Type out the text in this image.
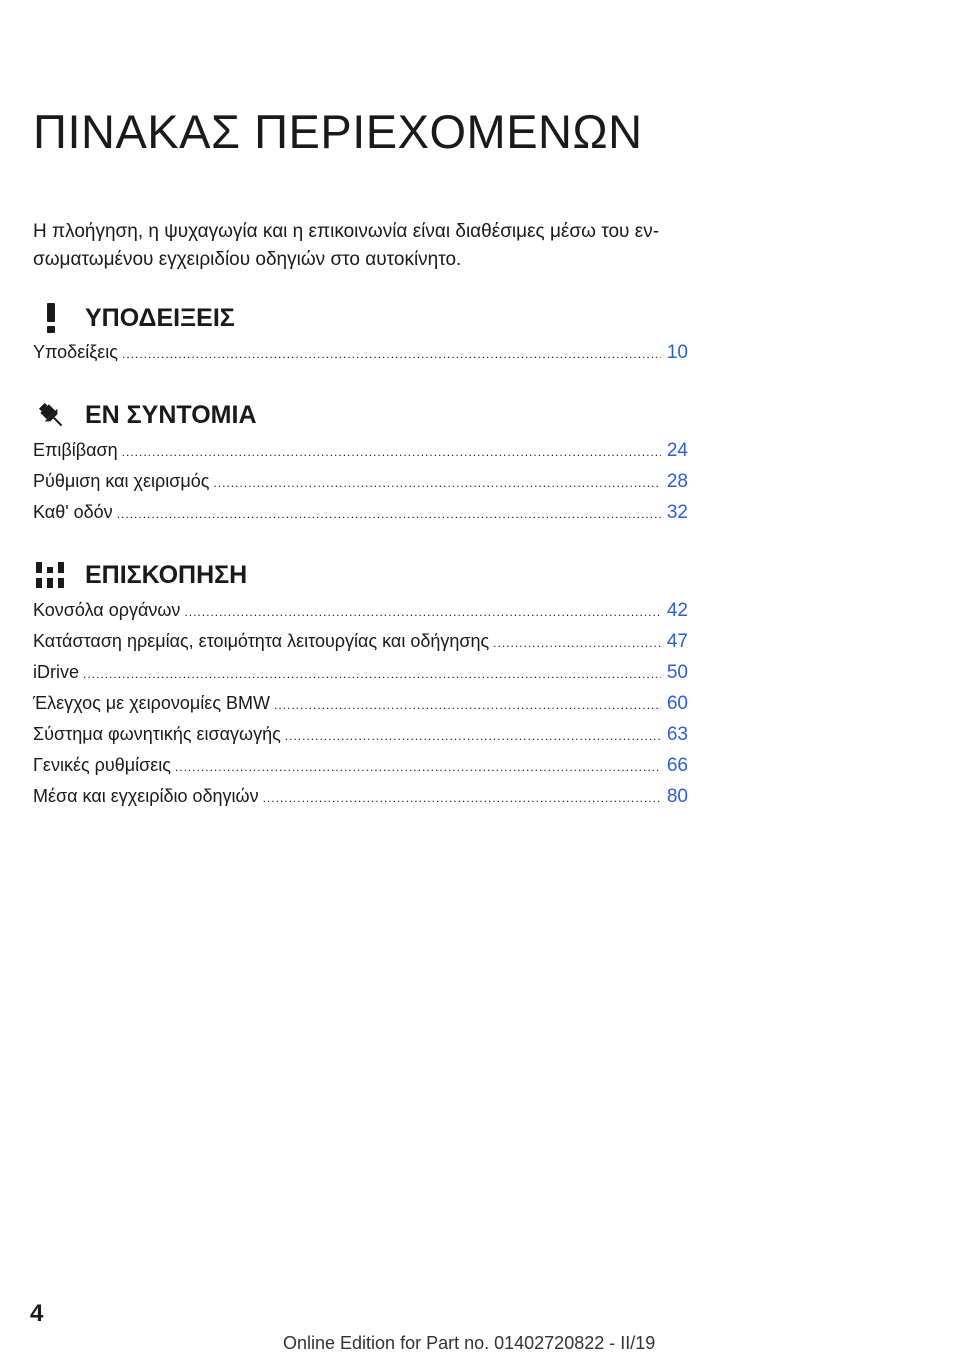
ΠΙΝΑΚΑΣ ΠΕΡΙΕΧΟΜΕΝΩΝ

Η πλοήγηση, η ψυχαγωγία και η επικοινωνία είναι διαθέσιμες μέσω του ενσωματωμένου εγχειριδίου οδηγιών στο αυτοκίνητο.

ΥΠΟΔΕΙΞΕΙΣ
Υποδείξεις .....	10
ΕΝ ΣΥΝΤΟΜΙΑ
Επιβίβαση .....	24
Ρύθμιση και χειρισμός .....	28
Καθ' οδόν .....	32
ΕΠΙΣΚΟΠΗΣΗ
Κονσόλα οργάνων .....	42
Κατάσταση ηρεμίας, ετοιμότητα λειτουργίας και οδήγησης .....	47
iDrive .....	50
Έλεγχος με χειρονομίες BMW .....	60
Σύστημα φωνητικής εισαγωγής .....	63
Γενικές ρυθμίσεις .....	66
Μέσα και εγχειρίδιο οδηγιών .....	80
4
Online Edition for Part no. 01402720822 - II/19
